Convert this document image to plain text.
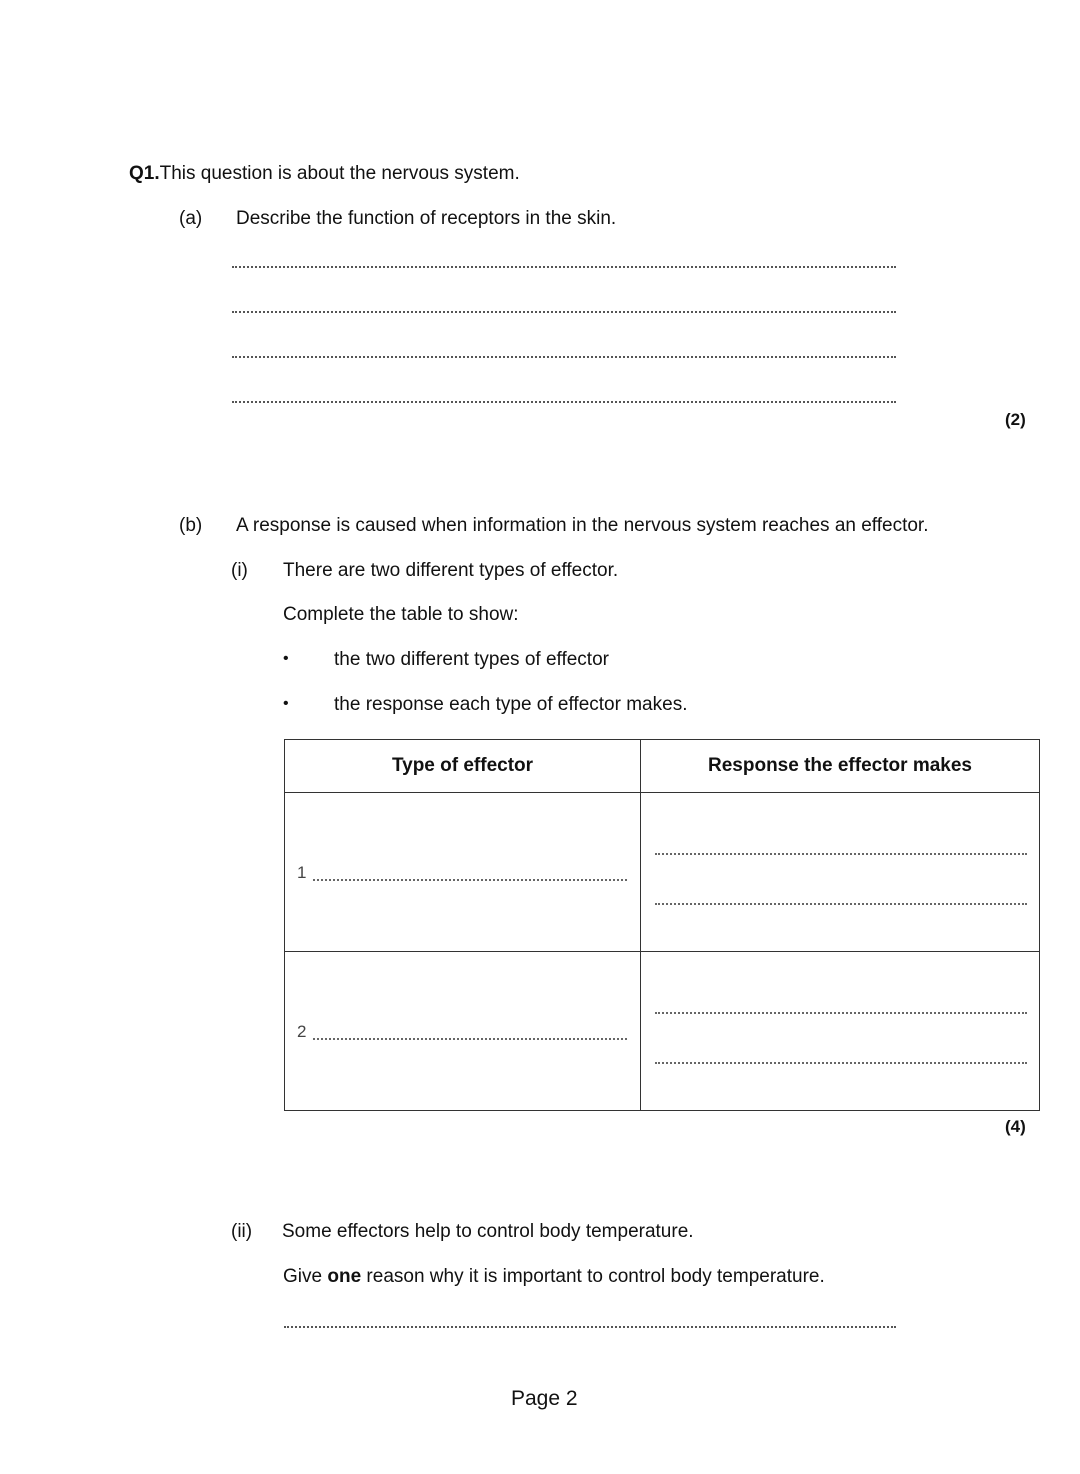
Q1.This question is about the nervous system.
(a) Describe the function of receptors in the skin.
(2)
(b) A response is caused when information in the nervous system reaches an effector.
(i) There are two different types of effector.
Complete the table to show:
• the two different types of effector
• the response each type of effector makes.
Type of effector	Response the effector makes

1	

2	

(4)
(ii) Some effectors help to control body temperature.
Give one reason why it is important to control body temperature.
Page 2
